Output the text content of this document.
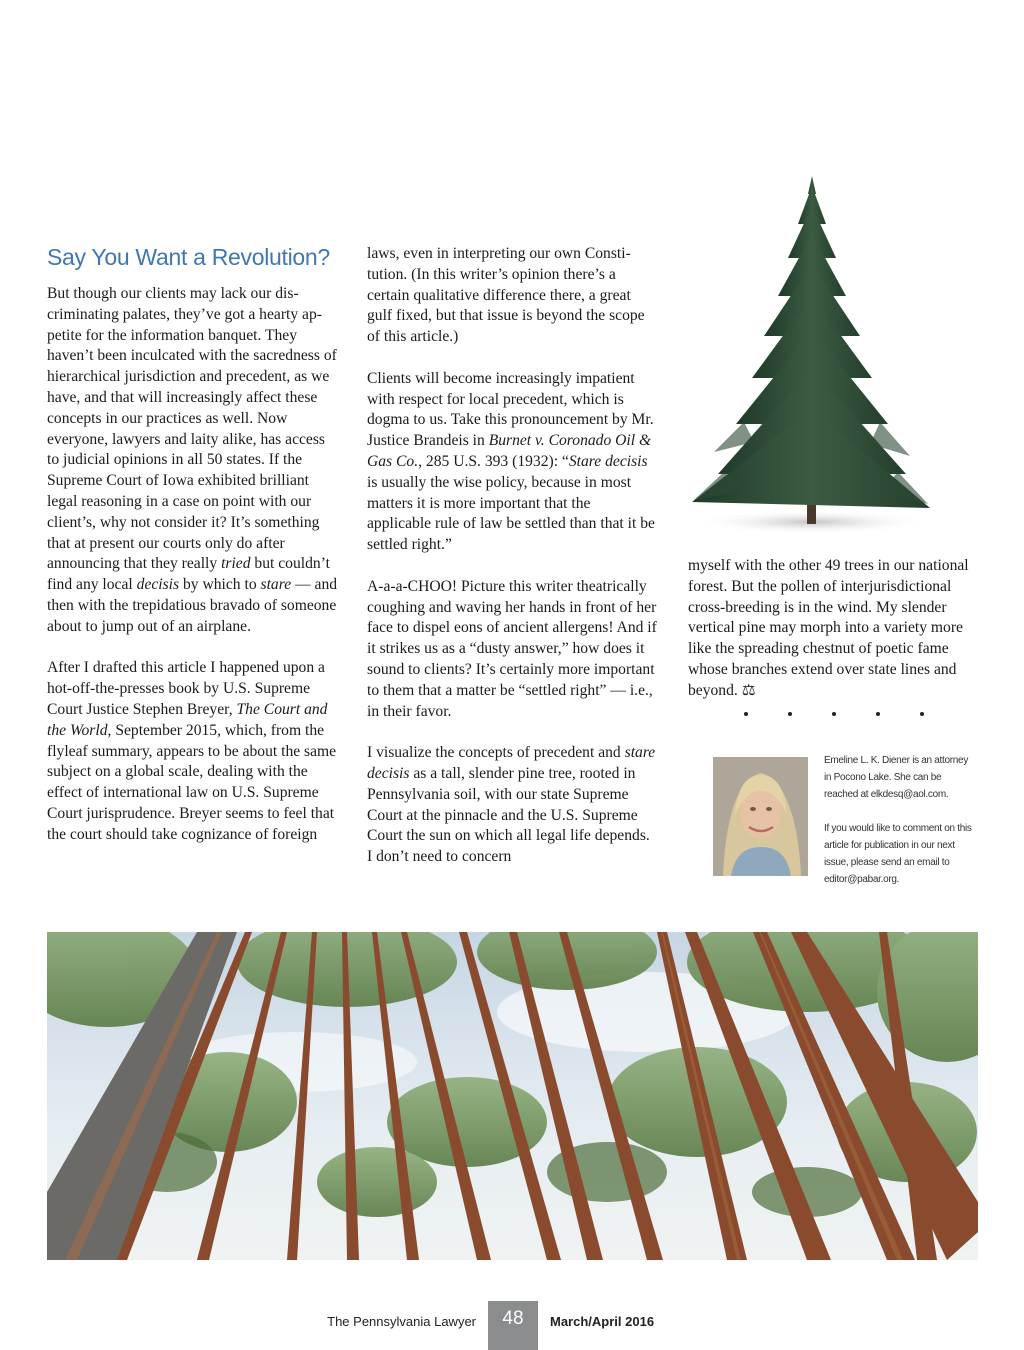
Say You Want a Revolution?

But though our clients may lack our discriminating palates, they’ve got a hearty appetite for the information banquet. They haven’t been inculcated with the sacredness of hierarchical jurisdiction and precedent, as we have, and that will increasingly affect these concepts in our practices as well. Now everyone, lawyers and laity alike, has access to judicial opinions in all 50 states. If the Supreme Court of Iowa exhibited brilliant legal reasoning in a case on point with our client’s, why not consider it? It’s something that at present our courts only do after announcing that they really tried but couldn’t find any local decisis by which to stare — and then with the trepidatious bravado of someone about to jump out of an airplane.

After I drafted this article I happened upon a hot-off-the-presses book by U.S. Supreme Court Justice Stephen Breyer, The Court and the World, September 2015, which, from the flyleaf summary, appears to be about the same subject on a global scale, dealing with the effect of international law on U.S. Supreme Court jurisprudence. Breyer seems to feel that the court should take cognizance of foreign

laws, even in interpreting our own Constitution. (In this writer’s opinion there’s a certain qualitative difference there, a great gulf fixed, but that issue is beyond the scope of this article.)

Clients will become increasingly impatient with respect for local precedent, which is dogma to us. Take this pronouncement by Mr. Justice Brandeis in Burnet v. Coronado Oil & Gas Co., 285 U.S. 393 (1932): “Stare decisis is usually the wise policy, because in most matters it is more important that the applicable rule of law be settled than that it be settled right.”

A-a-a-CHOO! Picture this writer theatrically coughing and waving her hands in front of her face to dispel eons of ancient allergens! And if it strikes us as a “dusty answer,” how does it sound to clients? It’s certainly more important to them that a matter be “settled right” — i.e., in their favor.

I visualize the concepts of precedent and stare decisis as a tall, slender pine tree, rooted in Pennsylvania soil, with our state Supreme Court at the pinnacle and the U.S. Supreme Court the sun on which all legal life depends. I don’t need to concern

myself with the other 49 trees in our national forest. But the pollen of interjurisdictional cross-breeding is in the wind. My slender vertical pine may morph into a variety more like the spreading chestnut of poetic fame whose branches extend over state lines and beyond. ⚖

Emeline L. K. Diener is an attorney in Pocono Lake. She can be reached at elkdesq@aol.com.

If you would like to comment on this article for publication in our next issue, please send an email to editor@pabar.org.

The Pennsylvania Lawyer	48	March/April 2016
